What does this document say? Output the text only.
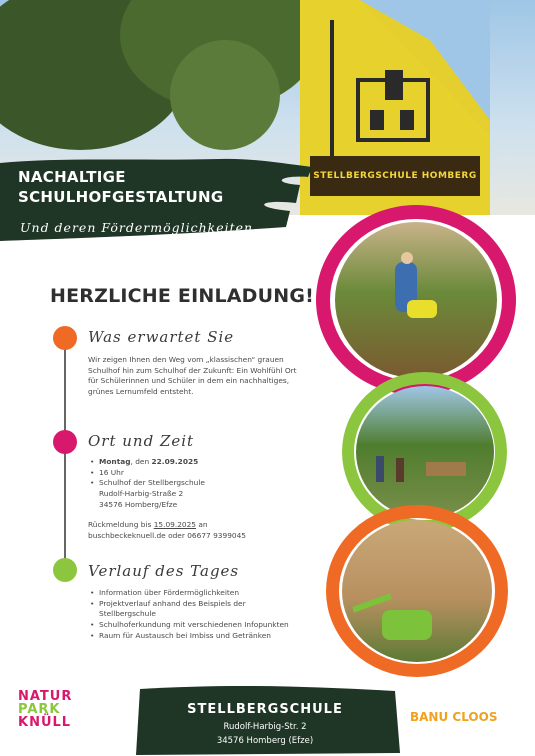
STELLBERGSCHULE HOMBERG
NACHALTIGE
SCHULHOFGESTALTUNG
Und deren Fördermöglichkeiten
HERZLICHE EINLADUNG!
Was erwartet Sie
Wir zeigen Ihnen den Weg vom „klassischen“ grauen Schulhof hin zum Schulhof der Zukunft: Ein Wohlfühl Ort für Schülerinnen und Schüler in dem ein nachhaltiges, grünes Lernumfeld entsteht.
Ort und Zeit
• Montag, den 22.09.2025
• 16 Uhr
• Schulhof der Stellbergschule
Rudolf-Harbig-Straße 2
34576 Homberg/Efze
Rückmeldung bis 15.09.2025 an
buschbeckeknuell.de oder 06677 9399045
Verlauf des Tages
• Information über Fördermöglichkeiten
• Projektverlauf anhand des Beispiels der Stellbergschule
• Schulhoferkundung mit verschiedenen Infopunkten
• Raum für Austausch bei Imbiss und Getränken
NATUR
PARK
KNÜLL
STELLBERGSCHULE
Rudolf-Harbig-Str. 2
34576 Homberg (Efze)
BANU CLOOS
